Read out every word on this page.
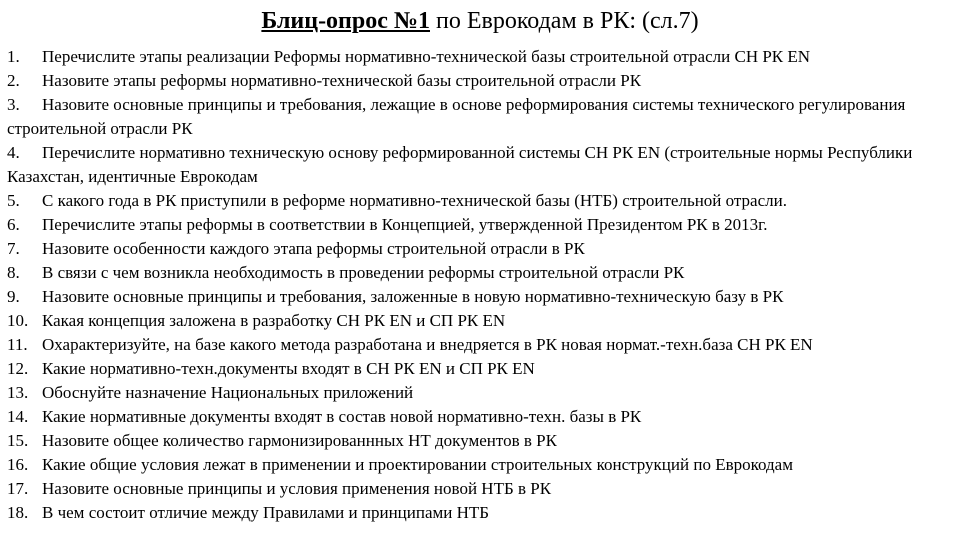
Блиц-опрос №1 по Еврокодам в РК: (сл.7)
1. Перечислите этапы реализации Реформы нормативно-технической базы строительной отрасли СН РК EN
2. Назовите этапы реформы нормативно-технической базы строительной отрасли РК
3. Назовите основные принципы и требования, лежащие в основе реформирования системы технического регулирования строительной отрасли РК
4. Перечислите нормативно техническую основу реформированной системы СН РК EN (строительные нормы Республики Казахстан, идентичные Еврокодам
5. С какого года в РК приступили в реформе нормативно-технической базы (НТБ) строительной отрасли.
6. Перечислите этапы реформы в соответствии в Концепцией, утвержденной Президентом РК в 2013г.
7. Назовите особенности каждого этапа реформы строительной отрасли в РК
8. В связи с чем возникла необходимость в проведении реформы строительной отрасли РК
9. Назовите основные принципы и требования, заложенные в новую нормативно-техническую базу в РК
10. Какая концепция заложена в разработку СН РК EN и СП РК EN
11. Охарактеризуйте, на базе какого метода разработана и внедряется в РК новая нормат.-техн.база СН РК EN
12. Какие нормативно-техн.документы входят в СН РК EN и СП РК EN
13. Обоснуйте назначение Национальных приложений
14. Какие нормативные документы входят в состав новой нормативно-техн. базы в РК
15. Назовите общее количество гармонизированнных НТ документов в РК
16. Какие общие условия лежат в применении и проектировании строительных конструкций по Еврокодам
17. Назовите основные принципы и условия применения новой НТБ в РК
18. В чем состоит отличие между Правилами и принципами НТБ
